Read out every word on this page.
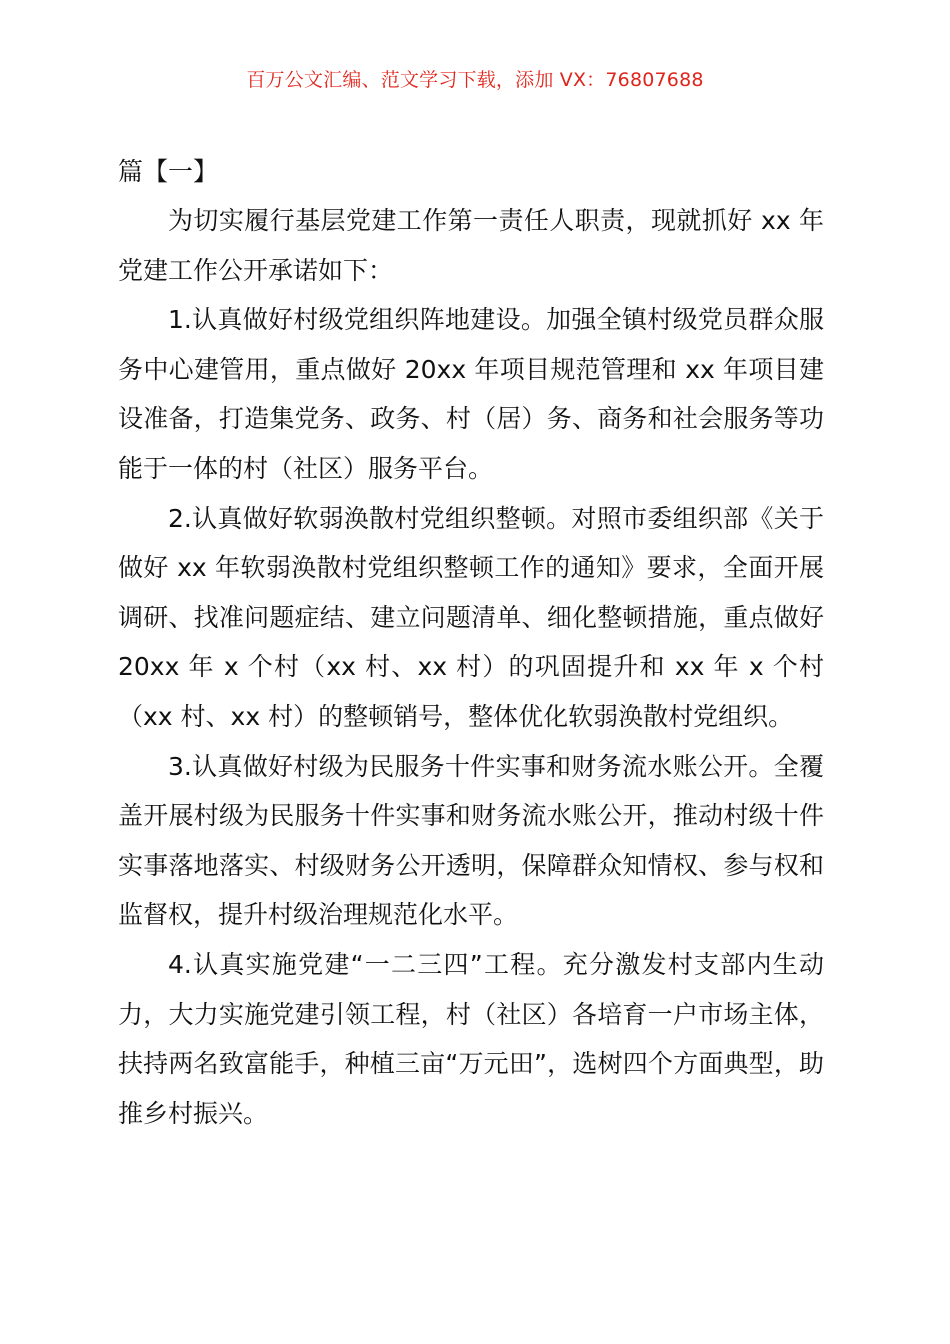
百万公文汇编、范文学习下载，添加 VX：76807688

篇【一】

为切实履行基层党建工作第一责任人职责，现就抓好 xx 年党建工作公开承诺如下：

1.认真做好村级党组织阵地建设。加强全镇村级党员群众服务中心建管用，重点做好 20xx 年项目规范管理和 xx 年项目建设准备，打造集党务、政务、村（居）务、商务和社会服务等功能于一体的村（社区）服务平台。

2.认真做好软弱涣散村党组织整顿。对照市委组织部《关于做好 xx 年软弱涣散村党组织整顿工作的通知》要求，全面开展调研、找准问题症结、建立问题清单、细化整顿措施，重点做好 20xx 年 x 个村（xx 村、xx 村）的巩固提升和 xx 年 x 个村（xx 村、xx 村）的整顿销号，整体优化软弱涣散村党组织。

3.认真做好村级为民服务十件实事和财务流水账公开。全覆盖开展村级为民服务十件实事和财务流水账公开，推动村级十件实事落地落实、村级财务公开透明，保障群众知情权、参与权和监督权，提升村级治理规范化水平。

4.认真实施党建“一二三四”工程。充分激发村支部内生动力，大力实施党建引领工程，村（社区）各培育一户市场主体，扶持两名致富能手，种植三亩“万元田”，选树四个方面典型，助推乡村振兴。
